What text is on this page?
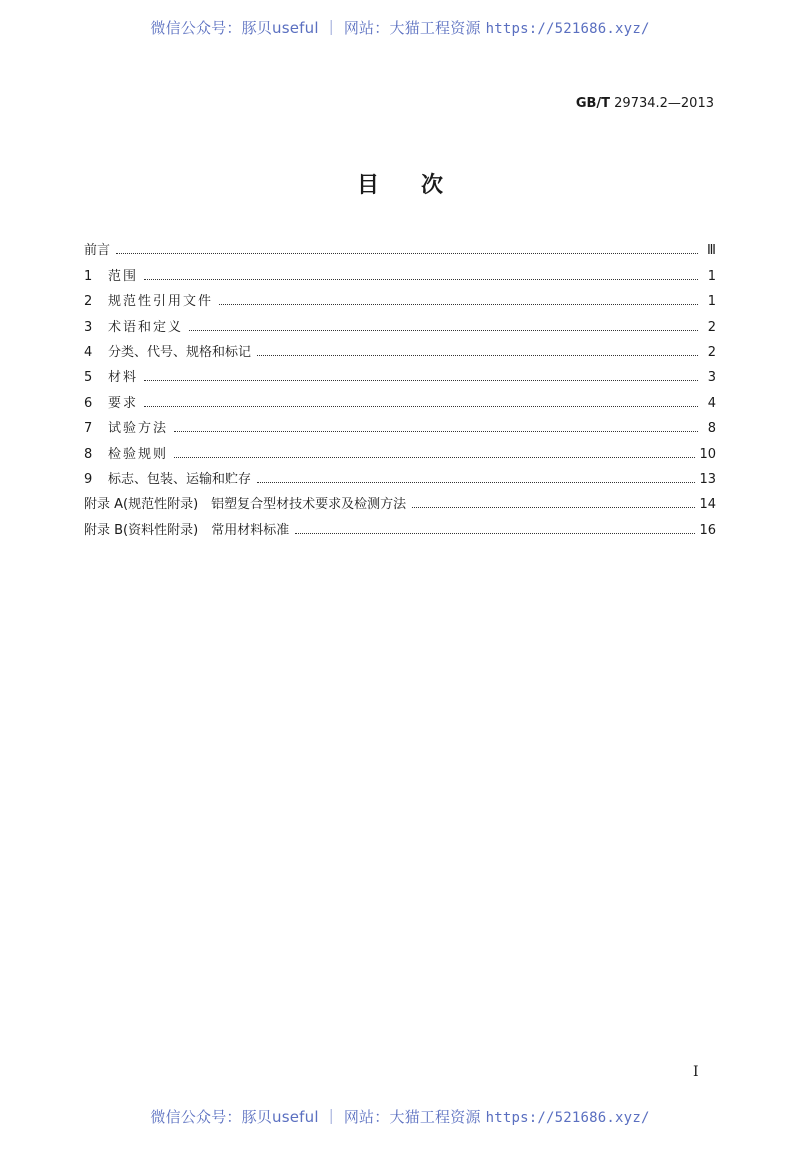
微信公众号：豚贝useful ｜ 网站：大猫工程资源 https://521686.xyz/
GB/T 29734.2—2013
目次
前言	Ⅲ
1	范围	1
2	规范性引用文件	1
3	术语和定义	2
4	分类、代号、规格和标记	2
5	材料	3
6	要求	4
7	试验方法	8
8	检验规则	10
9	标志、包装、运输和贮存	13
附录 A(规范性附录)　铝塑复合型材技术要求及检测方法	14
附录 B(资料性附录)　常用材料标准	16
I
微信公众号：豚贝useful ｜ 网站：大猫工程资源 https://521686.xyz/
